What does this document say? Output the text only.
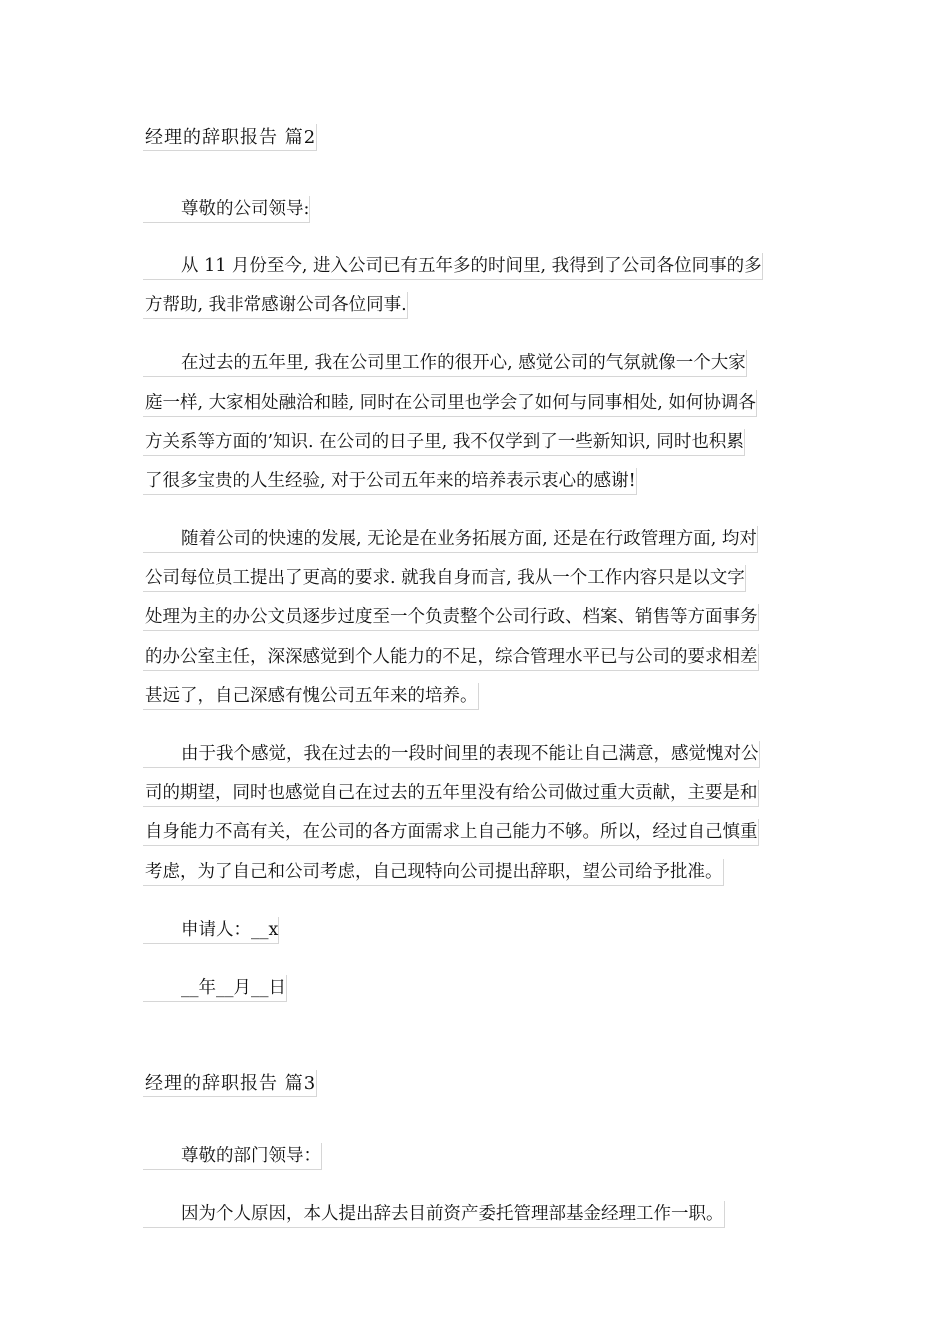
经理的辞职报告 篇2
尊敬的公司领导:
从 11 月份至今, 进入公司已有五年多的时间里, 我得到了公司各位同事的多
方帮助, 我非常感谢公司各位同事.
在过去的五年里, 我在公司里工作的很开心, 感觉公司的气氛就像一个大家
庭一样, 大家相处融洽和睦, 同时在公司里也学会了如何与同事相处, 如何协调各
方关系等方面的’知识. 在公司的日子里, 我不仅学到了一些新知识, 同时也积累
了很多宝贵的人生经验, 对于公司五年来的培养表示衷心的感谢!
随着公司的快速的发展, 无论是在业务拓展方面, 还是在行政管理方面, 均对
公司每位员工提出了更高的要求. 就我自身而言, 我从一个工作内容只是以文字
处理为主的办公文员逐步过度至一个负责整个公司行政、档案、销售等方面事务
的办公室主任，深深感觉到个人能力的不足，综合管理水平已与公司的要求相差
甚远了，自己深感有愧公司五年来的培养。
由于我个感觉，我在过去的一段时间里的表现不能让自己满意，感觉愧对公
司的期望，同时也感觉自己在过去的五年里没有给公司做过重大贡献，主要是和
自身能力不高有关，在公司的各方面需求上自己能力不够。所以，经过自己慎重
考虑，为了自己和公司考虑，自己现特向公司提出辞职，望公司给予批准。
申请人：__x
__年__月__日
经理的辞职报告 篇3
尊敬的部门领导：
因为个人原因，本人提出辞去目前资产委托管理部基金经理工作一职。
